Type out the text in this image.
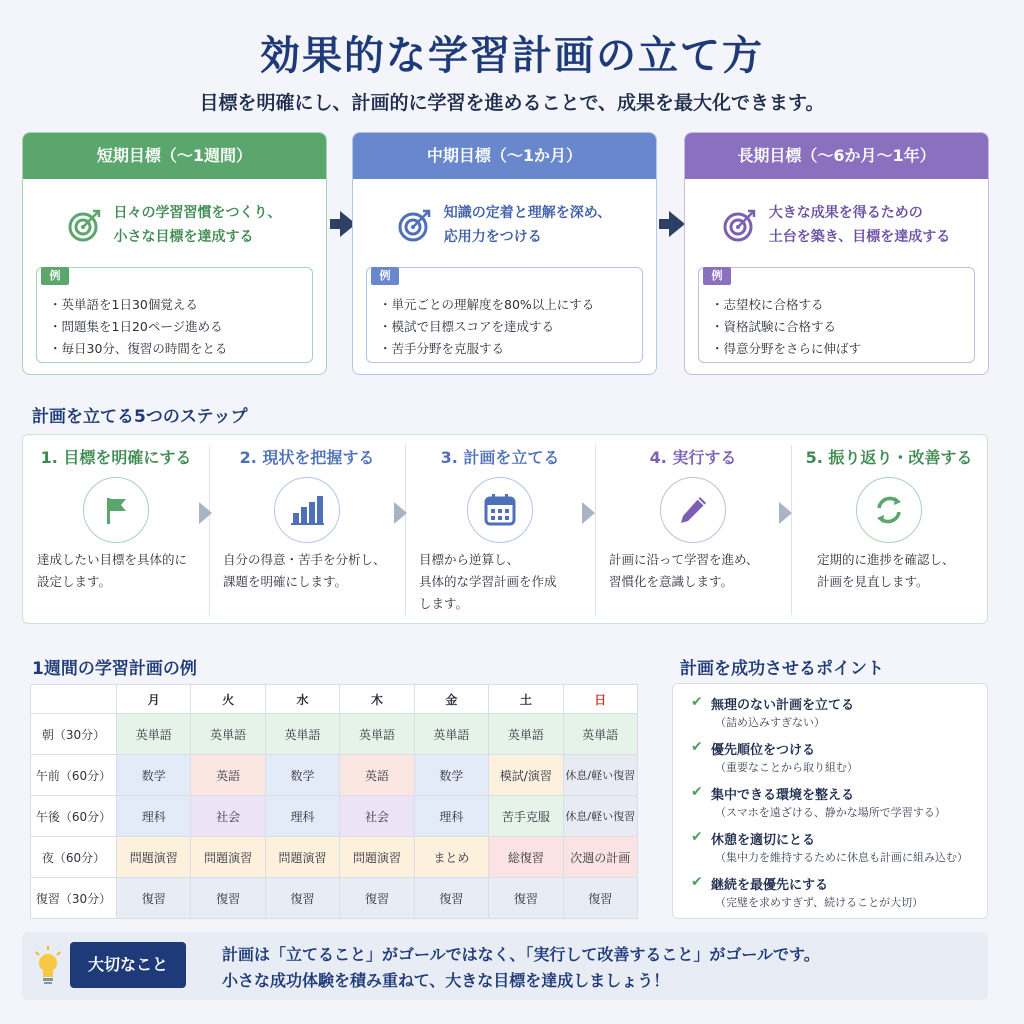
効果的な学習計画の立て方
目標を明確にし、計画的に学習を進めることで、成果を最大化できます。
短期目標（〜1週間）
日々の学習習慣をつくり、
小さな目標を達成する
例
・ 英単語を1日30個覚える
・ 問題集を1日20ページ進める
・ 毎日30分、復習の時間をとる
中期目標（〜1か月）
知識の定着と理解を深め、
応用力をつける
例
・ 単元ごとの理解度を80%以上にする
・ 模試で目標スコアを達成する
・ 苦手分野を克服する
長期目標（〜6か月〜1年）
大きな成果を得るための
土台を築き、目標を達成する
例
・ 志望校に合格する
・ 資格試験に合格する
・ 得意分野をさらに伸ばす
計画を立てる5つのステップ
1. 目標を明確にする
達成したい目標を具体的に
設定します。
2. 現状を把握する
自分の得意・苦手を分析し、
課題を明確にします。
3. 計画を立てる
目標から逆算し、
具体的な学習計画を作成
します。
4. 実行する
計画に沿って学習を進め、
習慣化を意識します。
5. 振り返り・改善する
定期的に進捗を確認し、
計画を見直します。
1週間の学習計画の例
	月	火	水	木	金	土	日
朝（30分）	英単語	英単語	英単語	英単語	英単語	英単語	英単語
午前（60分）	数学	英語	数学	英語	数学	模試/演習	休息/軽い復習
午後（60分）	理科	社会	理科	社会	理科	苦手克服	休息/軽い復習
夜（60分）	問題演習	問題演習	問題演習	問題演習	まとめ	総復習	次週の計画
復習（30分）	復習	復習	復習	復習	復習	復習	復習
計画を成功させるポイント
✔ 無理のない計画を立てる
（詰め込みすぎない）
✔ 優先順位をつける
（重要なことから取り組む）
✔ 集中できる環境を整える
（スマホを遠ざける、静かな場所で学習する）
✔ 休憩を適切にとる
（集中力を維持するために休息も計画に組み込む）
✔ 継続を最優先にする
（完璧を求めすぎず、続けることが大切）
大切なこと
計画は「立てること」がゴールではなく、「実行して改善すること」がゴールです。
小さな成功体験を積み重ねて、大きな目標を達成しましょう！
